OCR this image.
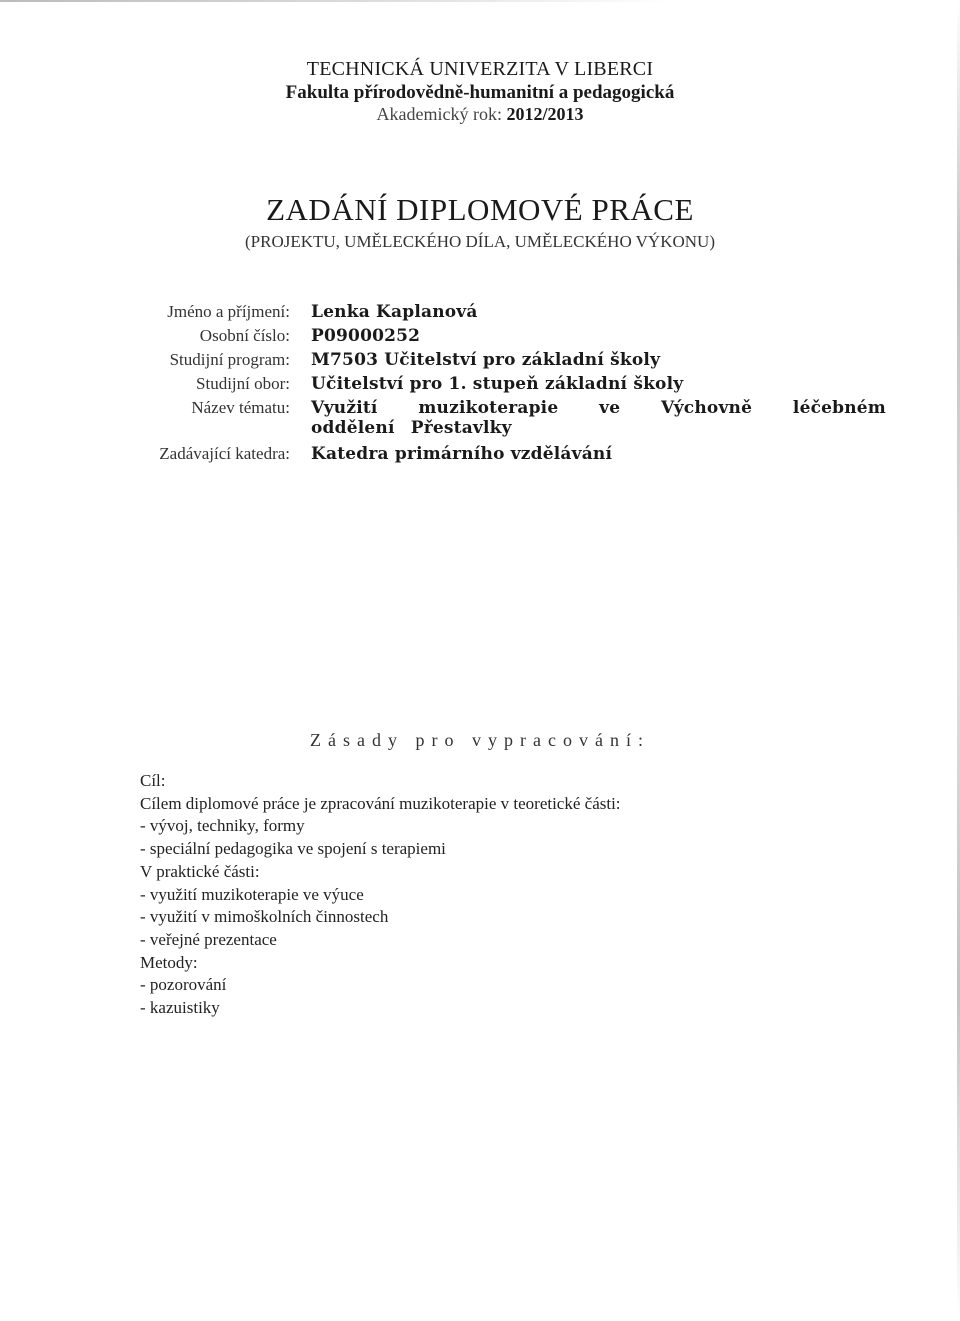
TECHNICKÁ UNIVERZITA V LIBERCI
Fakulta přírodovědně-humanitní a pedagogická
Akademický rok: 2012/2013
ZADÁNÍ DIPLOMOVÉ PRÁCE
(PROJEKTU, UMĚLECKÉHO DÍLA, UMĚLECKÉHO VÝKONU)
Jméno a příjmení: Lenka Kaplanová
Osobní číslo: P09000252
Studijní program: M7503 Učitelství pro základní školy
Studijní obor: Učitelství pro 1. stupeň základní školy
Název tématu: Využití muzikoterapie ve Výchovně léčebném oddělení Přestavlky
Zadávající katedra: Katedra primárního vzdělávání
Zásady pro vypracování:
Cíl:
Cílem diplomové práce je zpracování muzikoterapie v teoretické části:
- vývoj, techniky, formy
- speciální pedagogika ve spojení s terapiemi
V praktické části:
- využití muzikoterapie ve výuce
- využití v mimoškolních činnostech
- veřejné prezentace
Metody:
- pozorování
- kazuistiky
